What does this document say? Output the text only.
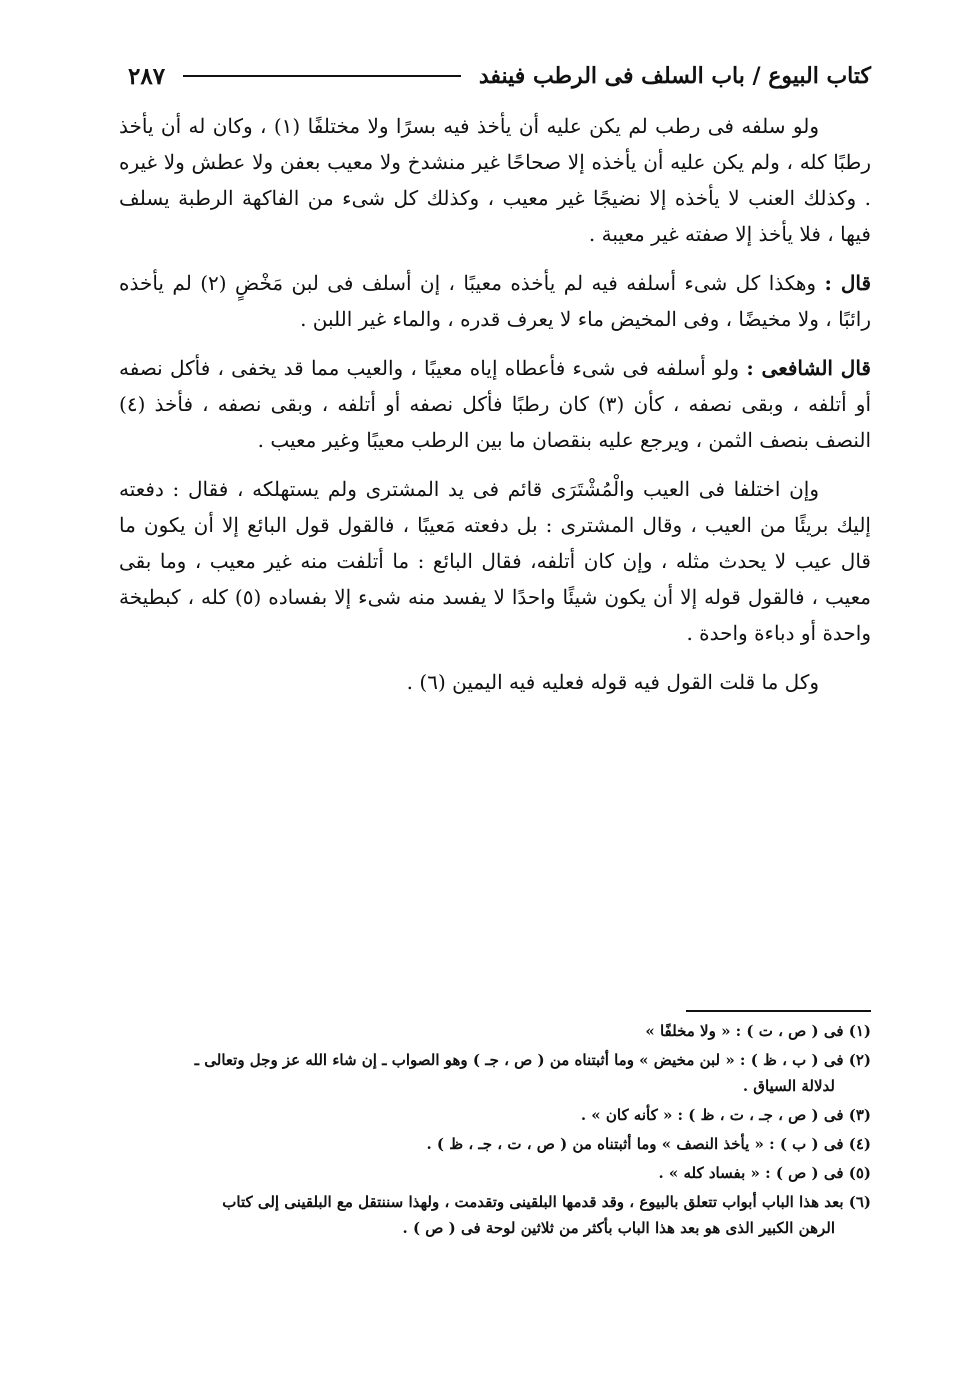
كتاب البيوع / باب السلف فى الرطب فينفد
٢٨٧

ولو سلفه فى رطب لم يكن عليه أن يأخذ فيه بسرًا ولا مختلفًا (١) ، وكان له أن يأخذ رطبًا كله ، ولم يكن عليه أن يأخذه إلا صحاحًا غير منشدخ ولا معيب بعفن ولا عطش ولا غيره . وكذلك العنب لا يأخذه إلا نضيجًا غير معيب ، وكذلك كل شىء من الفاكهة الرطبة يسلف فيها ، فلا يأخذ إلا صفته غير معيبة .

قال : وهكذا كل شىء أسلفه فيه لم يأخذه معيبًا ، إن أسلف فى لبن مَخْضٍ (٢) لم يأخذه رائبًا ، ولا مخيضًا ، وفى المخيض ماء لا يعرف قدره ، والماء غير اللبن .

قال الشافعى : ولو أسلفه فى شىء فأعطاه إياه معيبًا ، والعيب مما قد يخفى ، فأكل نصفه أو أتلفه ، وبقى نصفه ، كأن (٣) كان رطبًا فأكل نصفه أو أتلفه ، وبقى نصفه ، فأخذ (٤) النصف بنصف الثمن ، ويرجع عليه بنقصان ما بين الرطب معيبًا وغير معيب .

وإن اختلفا فى العيب والْمُشْتَرَى قائم فى يد المشترى ولم يستهلكه ، فقال : دفعته إليك بريئًا من العيب ، وقال المشترى : بل دفعته مَعيبًا ، فالقول قول البائع إلا أن يكون ما قال عيب لا يحدث مثله ، وإن كان أتلفه، فقال البائع : ما أتلفت منه غير معيب ، وما بقى معيب ، فالقول قوله إلا أن يكون شيئًا واحدًا لا يفسد منه شىء إلا بفساده (٥) كله ، كبطيخة واحدة أو دباءة واحدة .

وكل ما قلت القول فيه قوله فعليه فيه اليمين (٦) .

(١) فى ( ص ، ت ) : « ولا مخلفًا »
(٢) فى ( ب ، ظ ) : « لبن مخيض » وما أثبتناه من ( ص ، جـ ) وهو الصواب ـ إن شاء الله عز وجل وتعالى ـ
لدلالة السياق .
(٣) فى ( ص ، جـ ، ت ، ظ ) : « كأنه كان » .
(٤) فى ( ب ) : « يأخذ النصف » وما أثبتناه من ( ص ، ت ، جـ ، ظ ) .
(٥) فى ( ص ) : « بفساد كله » .
(٦) بعد هذا الباب أبواب تتعلق بالبيوع ، وقد قدمها البلقينى وتقدمت ، ولهذا سننتقل مع البلقينى إلى كتاب
الرهن الكبير الذى هو بعد هذا الباب بأكثر من ثلاثين لوحة فى ( ص ) .
